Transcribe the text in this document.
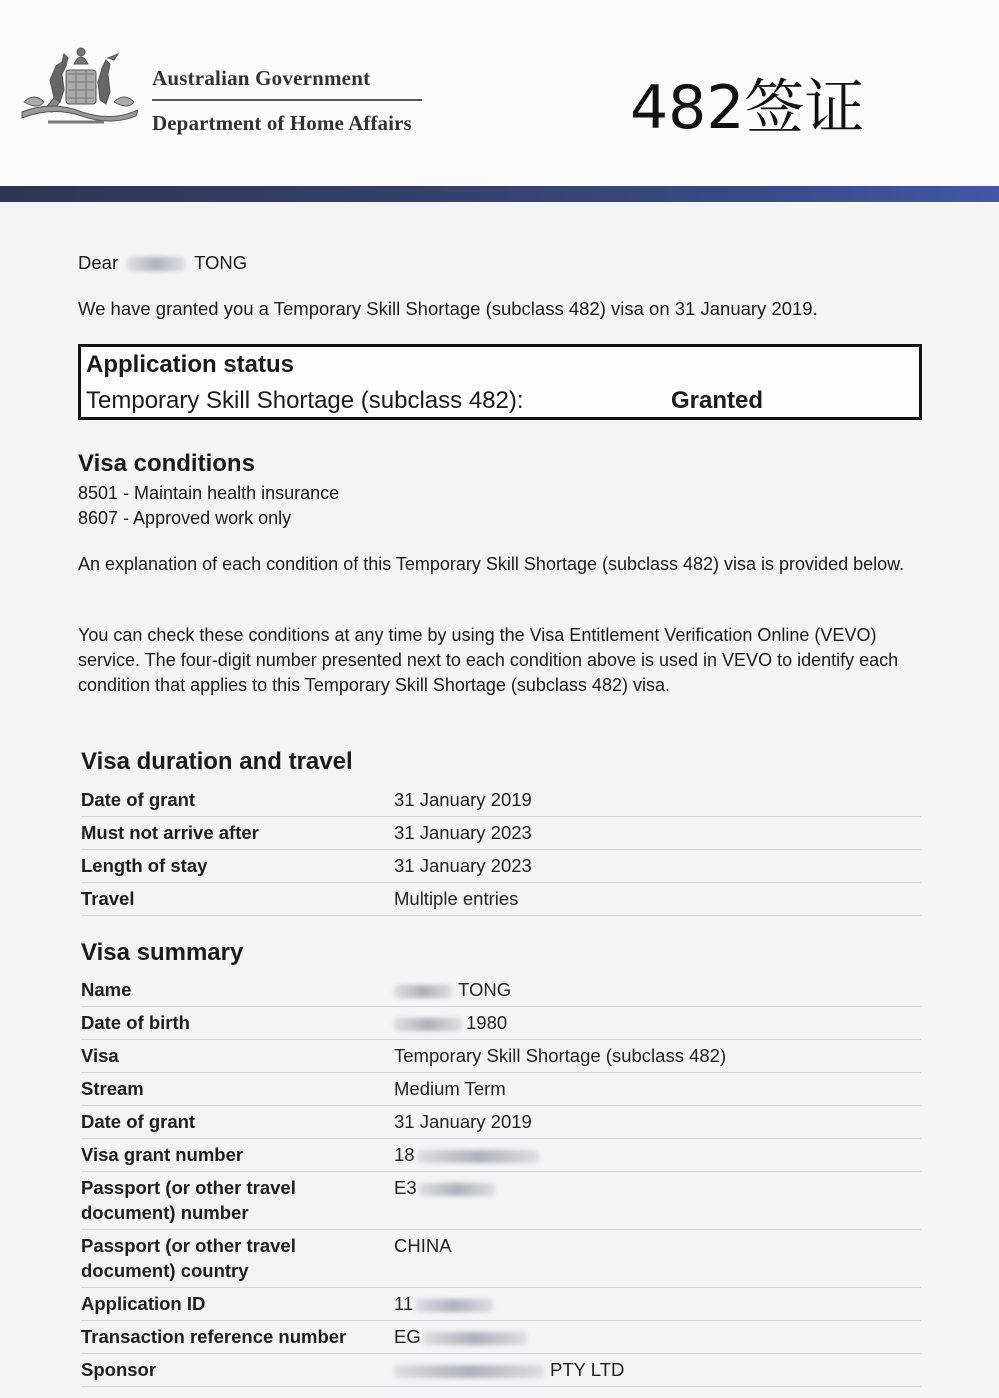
Australian Government
Department of Home Affairs	482签证
Dear	TONG
We have granted you a Temporary Skill Shortage (subclass 482) visa on 31 January 2019.
Application status
Temporary Skill Shortage (subclass 482):	Granted
Visa conditions
8501 - Maintain health insurance
8607 - Approved work only
An explanation of each condition of this Temporary Skill Shortage (subclass 482) visa is provided below.
You can check these conditions at any time by using the Visa Entitlement Verification Online (VEVO) service. The four-digit number presented next to each condition above is used in VEVO to identify each condition that applies to this Temporary Skill Shortage (subclass 482) visa.
Visa duration and travel
Date of grant	31 January 2019
Must not arrive after	31 January 2023
Length of stay	31 January 2023
Travel	Multiple entries
Visa summary
Name	TONG
Date of birth	1980
Visa	Temporary Skill Shortage (subclass 482)
Stream	Medium Term
Date of grant	31 January 2019
Visa grant number	18
Passport (or other travel document) number	E3
Passport (or other travel document) country	CHINA
Application ID	11
Transaction reference number	EG
Sponsor	PTY LTD
